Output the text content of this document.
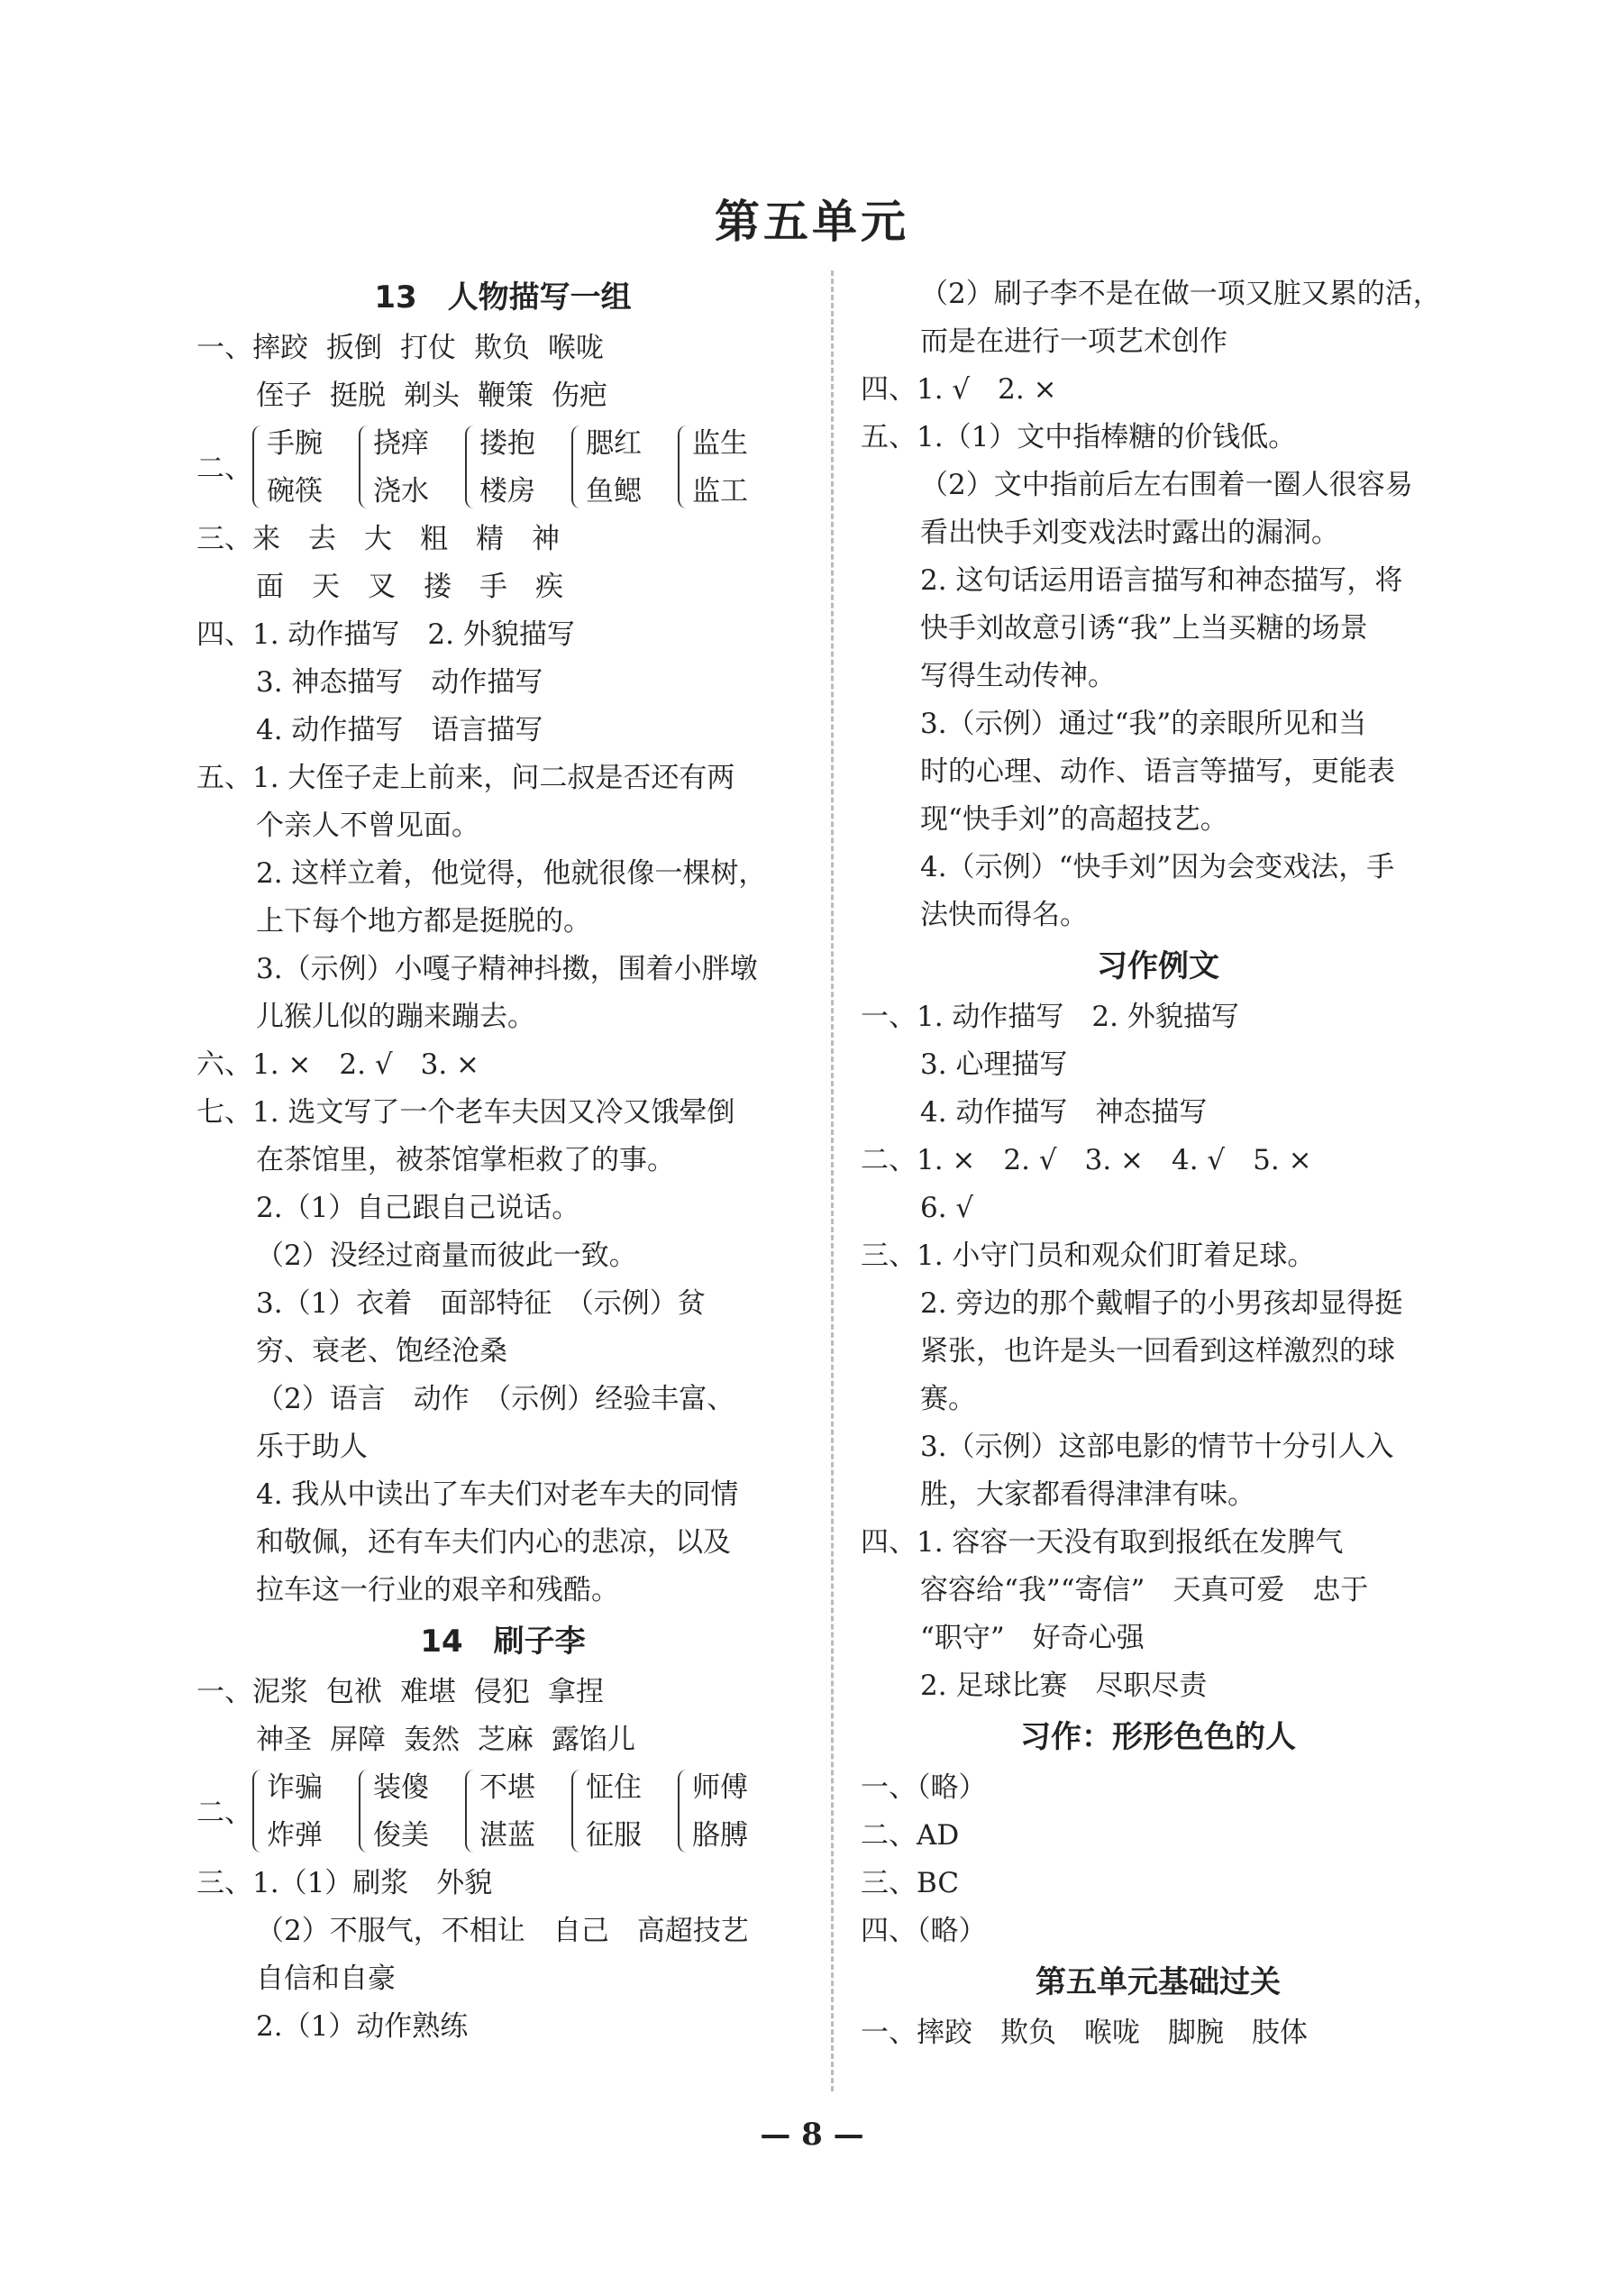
第五单元
13　人物描写一组
一、摔跤 扳倒 打仗 欺负 喉咙
侄子 挺脱 剃头 鞭策 伤疤
二、
手腕
碗筷
挠痒
浇水
搂抱
楼房
腮红
鱼鳃
监生
监工
三、来　去　大　粗　精　神
面　天　叉　搂　手　疾
四、1. 动作描写　2. 外貌描写
3. 神态描写　动作描写
4. 动作描写　语言描写
五、1. 大侄子走上前来，问二叔是否还有两
个亲人不曾见面。
2. 这样立着，他觉得，他就很像一棵树，
上下每个地方都是挺脱的。
3.（示例）小嘎子精神抖擞，围着小胖墩
儿猴儿似的蹦来蹦去。
六、1. ×　2. √　3. ×
七、1. 选文写了一个老车夫因又冷又饿晕倒
在茶馆里，被茶馆掌柜救了的事。
2.（1）自己跟自己说话。
（2）没经过商量而彼此一致。
3.（1）衣着　面部特征　（示例）贫
穷、衰老、饱经沧桑
（2）语言　动作　（示例）经验丰富、
乐于助人
4. 我从中读出了车夫们对老车夫的同情
和敬佩，还有车夫们内心的悲凉，以及
拉车这一行业的艰辛和残酷。
14　刷子李
一、泥浆 包袱 难堪 侵犯 拿捏
神圣 屏障 轰然 芝麻 露馅儿
二、
诈骗
炸弹
装傻
俊美
不堪
湛蓝
怔住
征服
师傅
胳膊
三、1.（1）刷浆　外貌
（2）不服气，不相让　自己　高超技艺
自信和自豪
2.（1）动作熟练
（2）刷子李不是在做一项又脏又累的活，
而是在进行一项艺术创作
四、1. √　2. ×
五、1.（1）文中指棒糖的价钱低。
（2）文中指前后左右围着一圈人很容易
看出快手刘变戏法时露出的漏洞。
2. 这句话运用语言描写和神态描写，将
快手刘故意引诱“我”上当买糖的场景
写得生动传神。
3.（示例）通过“我”的亲眼所见和当
时的心理、动作、语言等描写，更能表
现“快手刘”的高超技艺。
4.（示例）“快手刘”因为会变戏法，手
法快而得名。
习作例文
一、1. 动作描写　2. 外貌描写
3. 心理描写
4. 动作描写　神态描写
二、1. ×　2. √　3. ×　4. √　5. ×
6. √
三、1. 小守门员和观众们盯着足球。
2. 旁边的那个戴帽子的小男孩却显得挺
紧张，也许是头一回看到这样激烈的球
赛。
3.（示例）这部电影的情节十分引人入
胜，大家都看得津津有味。
四、1. 容容一天没有取到报纸在发脾气
容容给“我”“寄信”　天真可爱　忠于
“职守”　好奇心强
2. 足球比赛　尽职尽责
习作：形形色色的人
一、（略）
二、AD
三、BC
四、（略）
第五单元基础过关
一、摔跤　欺负　喉咙　脚腕　肢体
— 8 —
